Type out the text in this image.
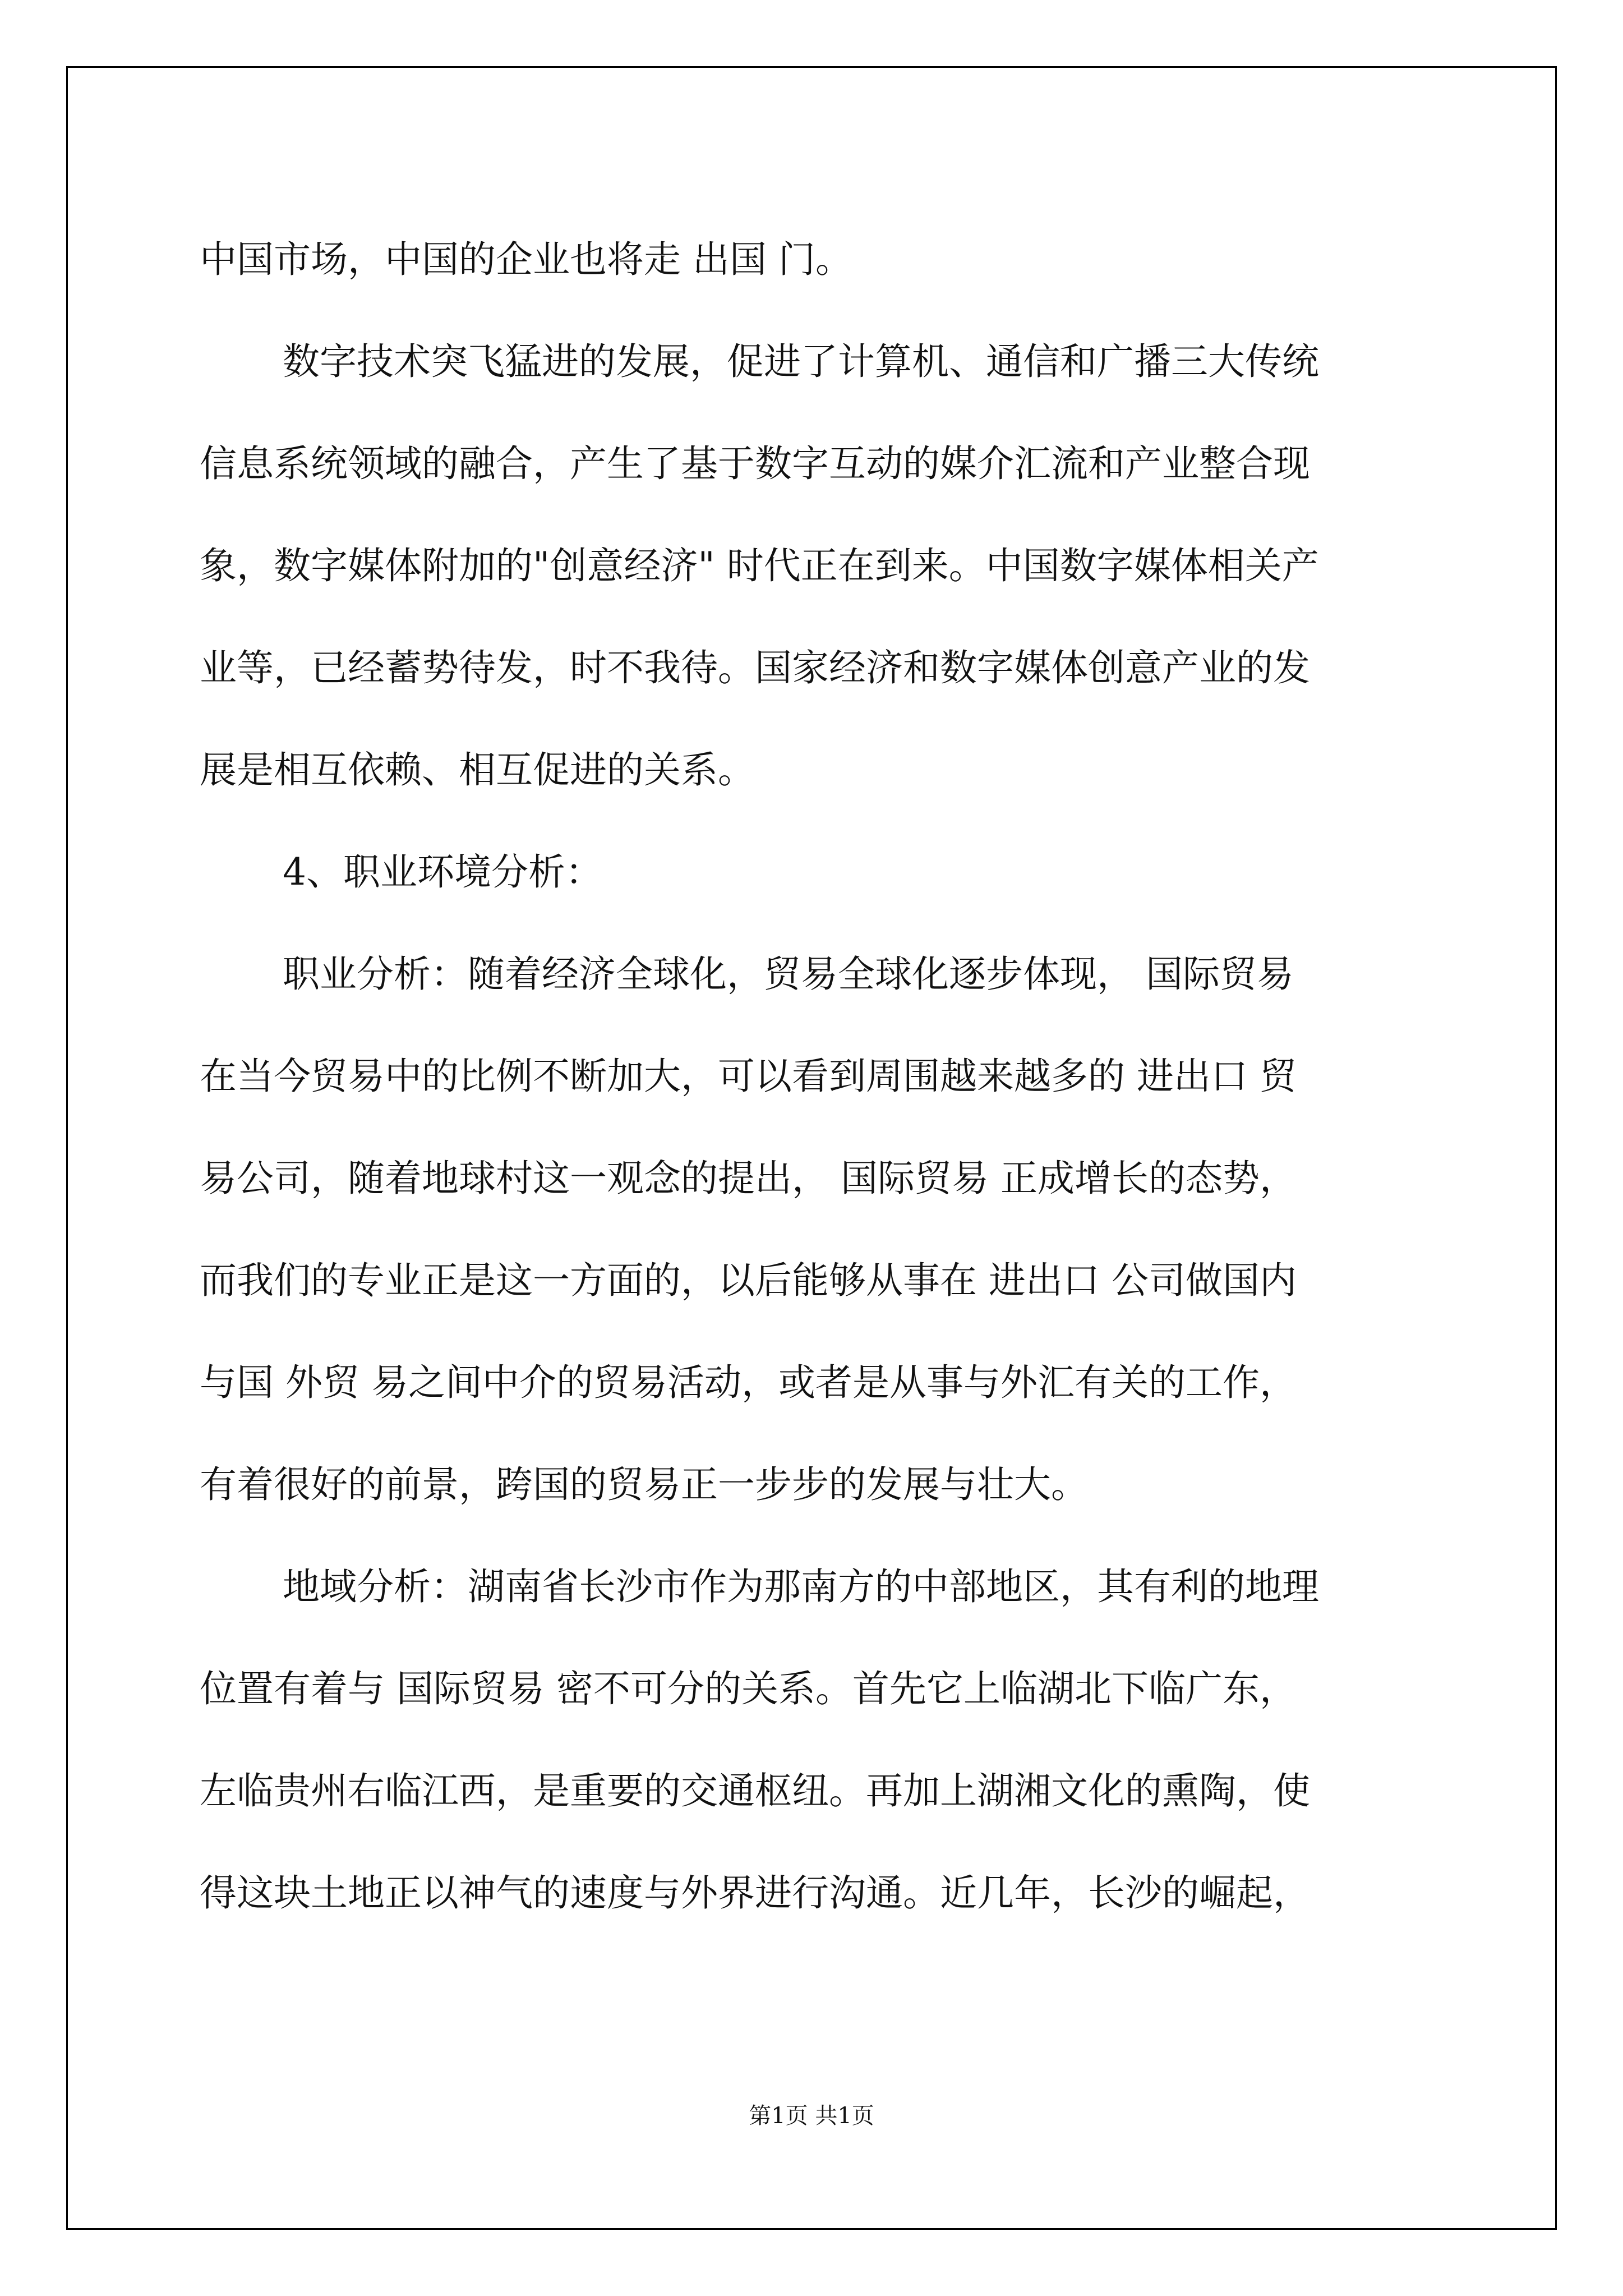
中国市场，中国的企业也将走 出国 门。
数字技术突飞猛进的发展，促进了计算机、通信和广播三大传统
信息系统领域的融合，产生了基于数字互动的媒介汇流和产业整合现
象，数字媒体附加的"创意经济" 时代正在到来。中国数字媒体相关产
业等，已经蓄势待发，时不我待。国家经济和数字媒体创意产业的发
展是相互依赖、相互促进的关系。
4、职业环境分析：
职业分析：随着经济全球化，贸易全球化逐步体现， 国际贸易
在当今贸易中的比例不断加大，可以看到周围越来越多的 进出口 贸
易公司，随着地球村这一观念的提出， 国际贸易 正成增长的态势，
而我们的专业正是这一方面的，以后能够从事在 进出口 公司做国内
与国 外贸 易之间中介的贸易活动，或者是从事与外汇有关的工作，
有着很好的前景，跨国的贸易正一步步的发展与壮大。
地域分析：湖南省长沙市作为那南方的中部地区，其有利的地理
位置有着与 国际贸易 密不可分的关系。首先它上临湖北下临广东，
左临贵州右临江西，是重要的交通枢纽。再加上湖湘文化的熏陶，使
得这块土地正以神气的速度与外界进行沟通。近几年，长沙的崛起，
第1页 共1页
